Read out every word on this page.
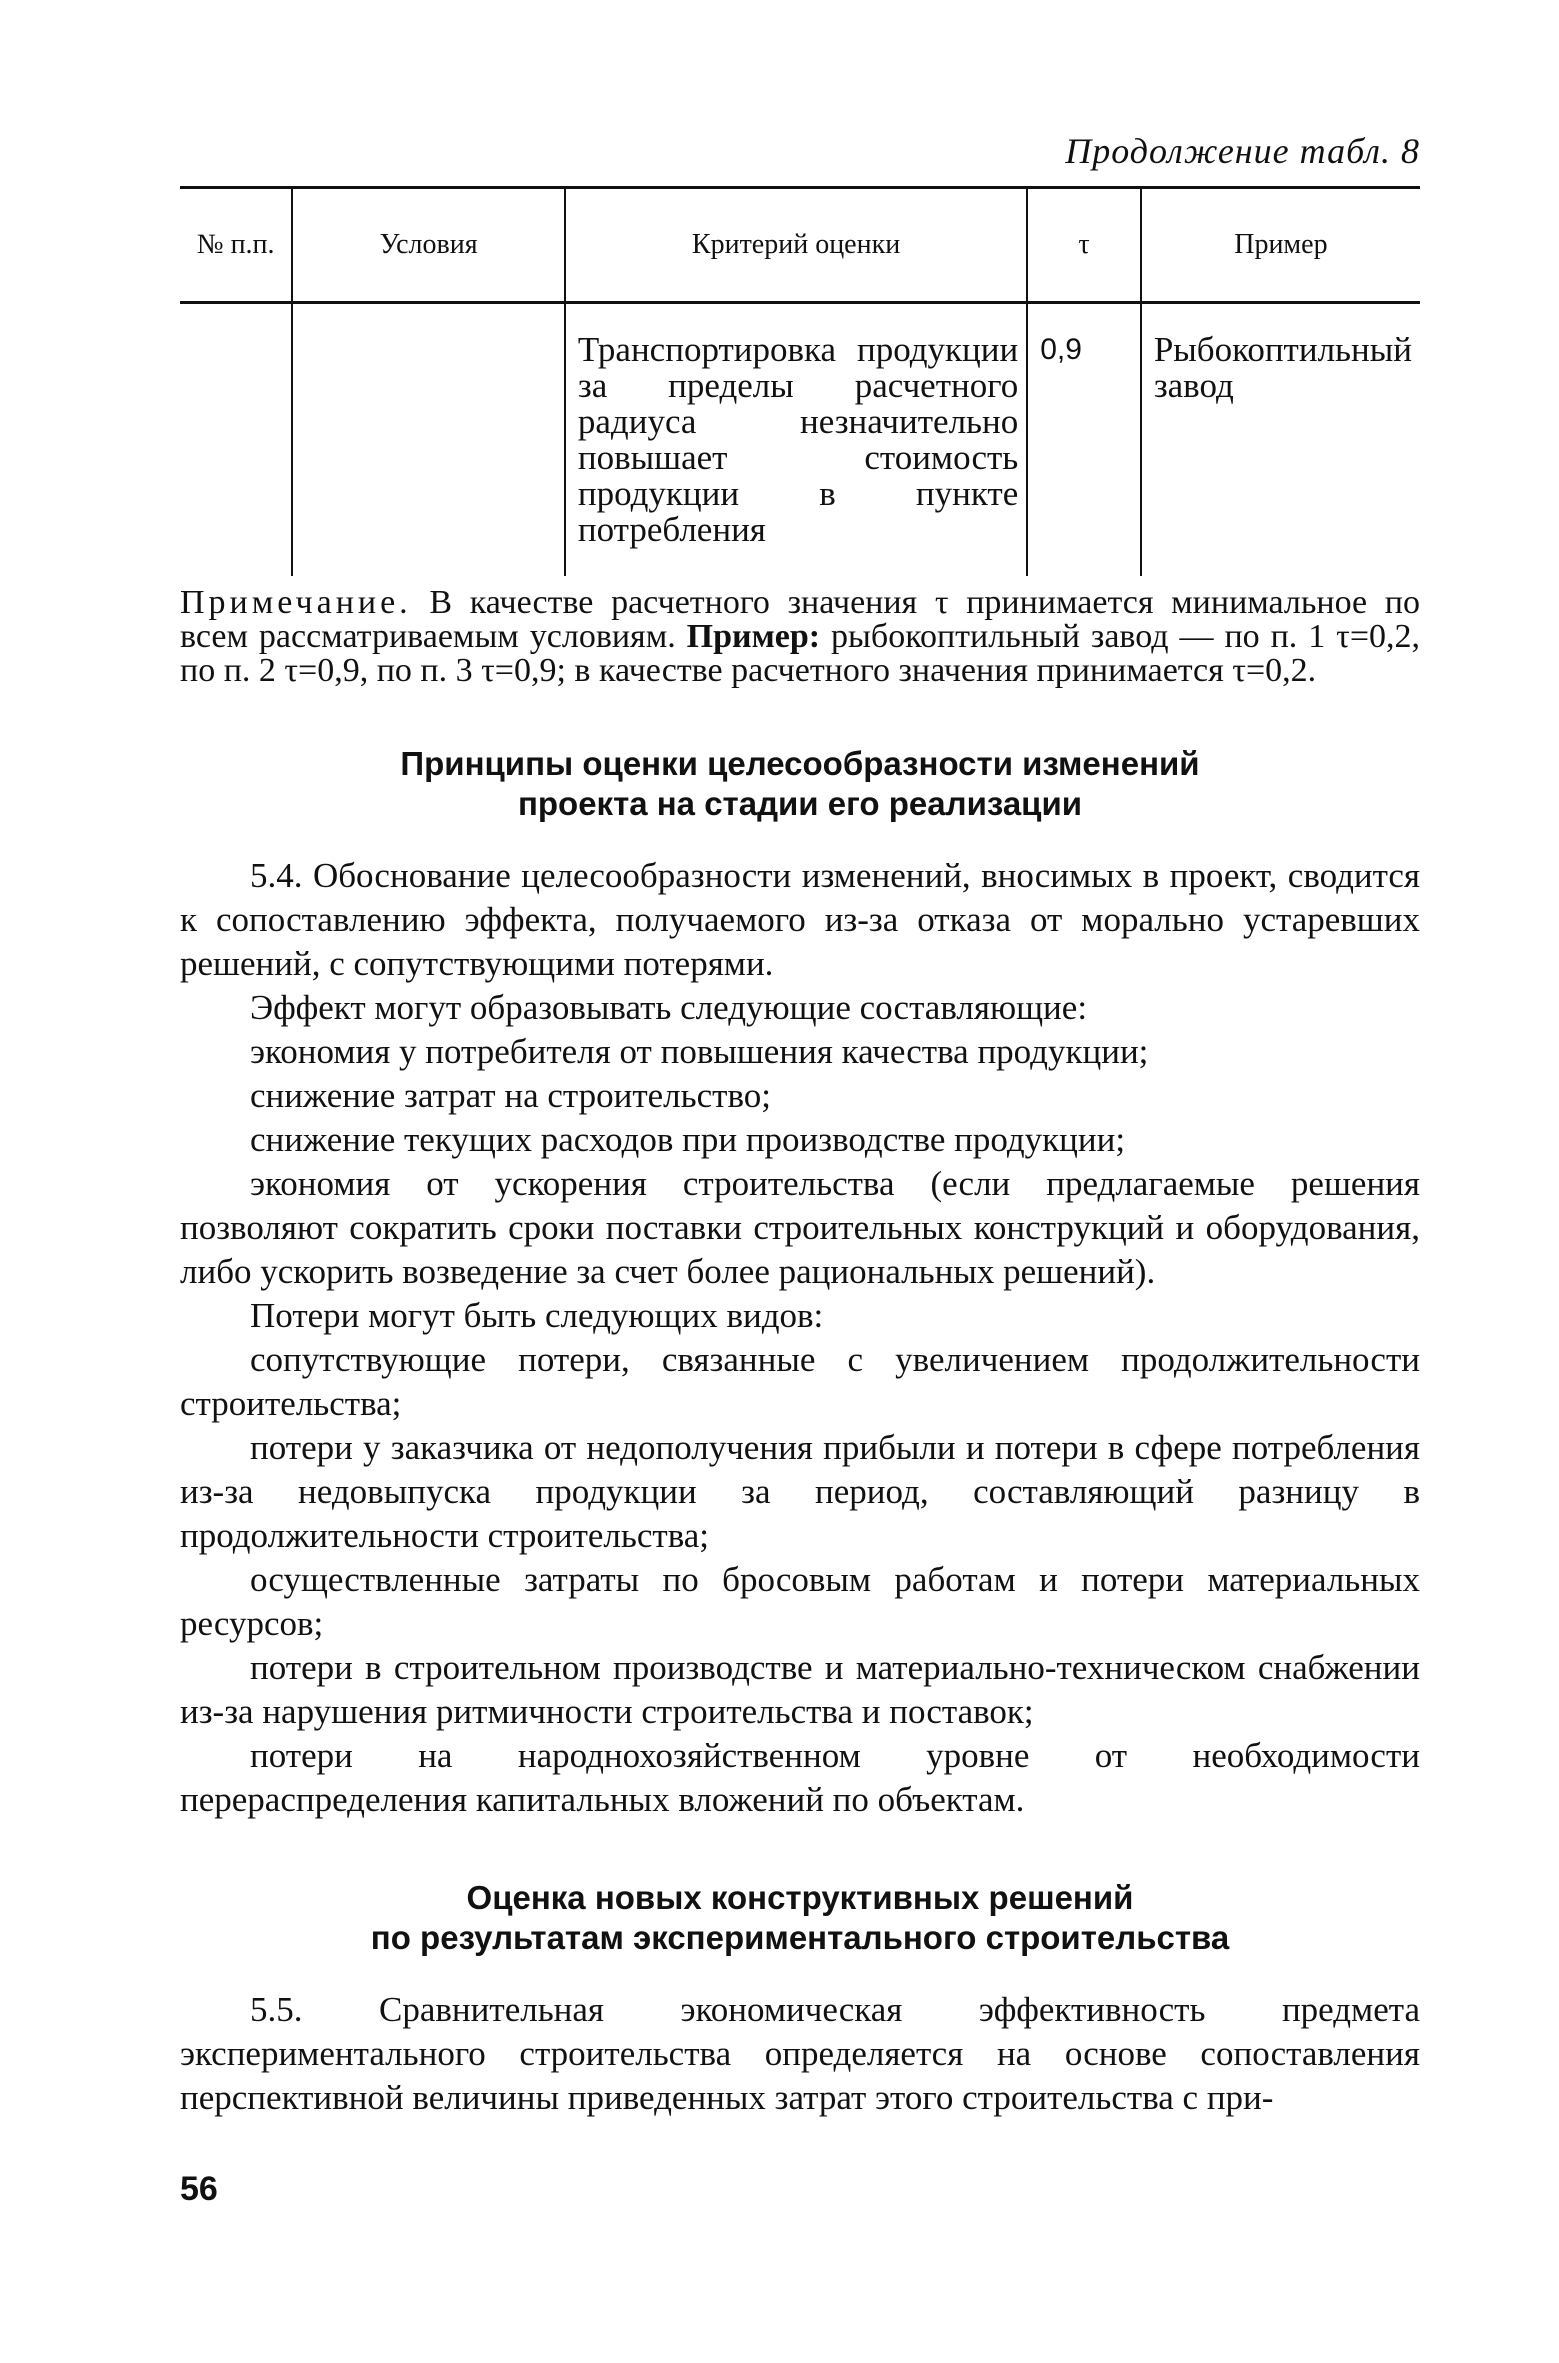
Продолжение табл. 8
№ п.п.	Условия	Критерий оценки	τ	Пример
		Транспортировка продукции за пределы расчетного радиуса незначительно повышает стоимость продукции в пункте потребления	0,9	Рыбокоптильный завод
Примечание. В качестве расчетного значения τ принимается минимальное по всем рассматриваемым условиям. Пример: рыбокоптильный завод — по п. 1 τ=0,2, по п. 2 τ=0,9, по п. 3 τ=0,9; в качестве расчетного значения принимается τ=0,2.
Принципы оценки целесообразности изменений
проекта на стадии его реализации

5.4. Обоснование целесообразности изменений, вносимых в проект, сводится к сопоставлению эффекта, получаемого из-за отказа от морально устаревших решений, с сопутствующими потерями.

Эффект могут образовывать следующие составляющие:

экономия у потребителя от повышения качества продукции;

снижение затрат на строительство;

снижение текущих расходов при производстве продукции;

экономия от ускорения строительства (если предлагаемые решения позволяют сократить сроки поставки строительных конструкций и оборудования, либо ускорить возведение за счет более рациональных решений).

Потери могут быть следующих видов:

сопутствующие потери, связанные с увеличением продолжительности строительства;

потери у заказчика от недополучения прибыли и потери в сфере потребления из-за недовыпуска продукции за период, составляющий разницу в продолжительности строительства;

осуществленные затраты по бросовым работам и потери материальных ресурсов;

потери в строительном производстве и материально-техническом снабжении из-за нарушения ритмичности строительства и поставок;

потери на народнохозяйственном уровне от необходимости перераспределения капитальных вложений по объектам.

Оценка новых конструктивных решений
по результатам экспериментального строительства

5.5. Сравнительная экономическая эффективность предмета экспериментального строительства определяется на основе сопоставления перспективной величины приведенных затрат этого строительства с при-

56
